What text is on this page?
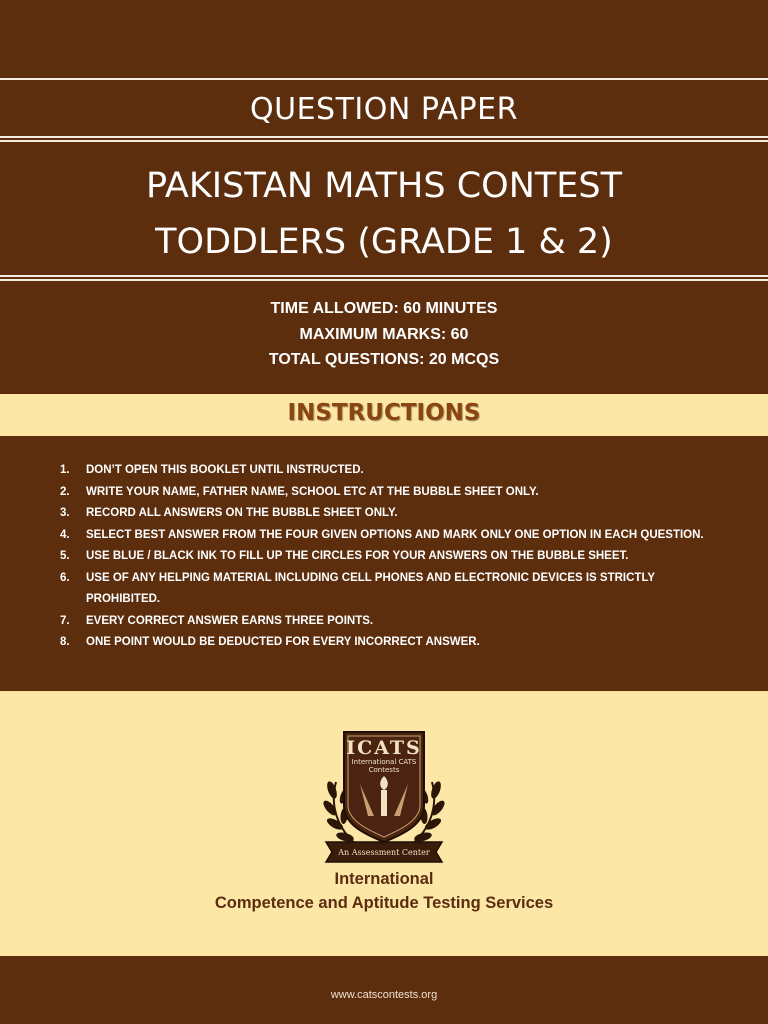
QUESTION PAPER
PAKISTAN MATHS CONTEST
TODDLERS (GRADE 1 & 2)
TIME ALLOWED: 60 MINUTES
MAXIMUM MARKS: 60
TOTAL QUESTIONS: 20 MCQS
INSTRUCTIONS
1. DON’T OPEN THIS BOOKLET UNTIL INSTRUCTED.
2. WRITE YOUR NAME, FATHER NAME, SCHOOL ETC AT THE BUBBLE SHEET ONLY.
3. RECORD ALL ANSWERS ON THE BUBBLE SHEET ONLY.
4. SELECT BEST ANSWER FROM THE FOUR GIVEN OPTIONS AND MARK ONLY ONE OPTION IN EACH QUESTION.
5. USE BLUE / BLACK INK TO FILL UP THE CIRCLES FOR YOUR ANSWERS ON THE BUBBLE SHEET.
6. USE OF ANY HELPING MATERIAL INCLUDING CELL PHONES AND ELECTRONIC DEVICES IS STRICTLY PROHIBITED.
7. EVERY CORRECT ANSWER EARNS THREE POINTS.
8. ONE POINT WOULD BE DEDUCTED FOR EVERY INCORRECT ANSWER.
ICATS
International CATS
Contests
An Assessment Center
International
Competence and Aptitude Testing Services
www.catscontests.org
